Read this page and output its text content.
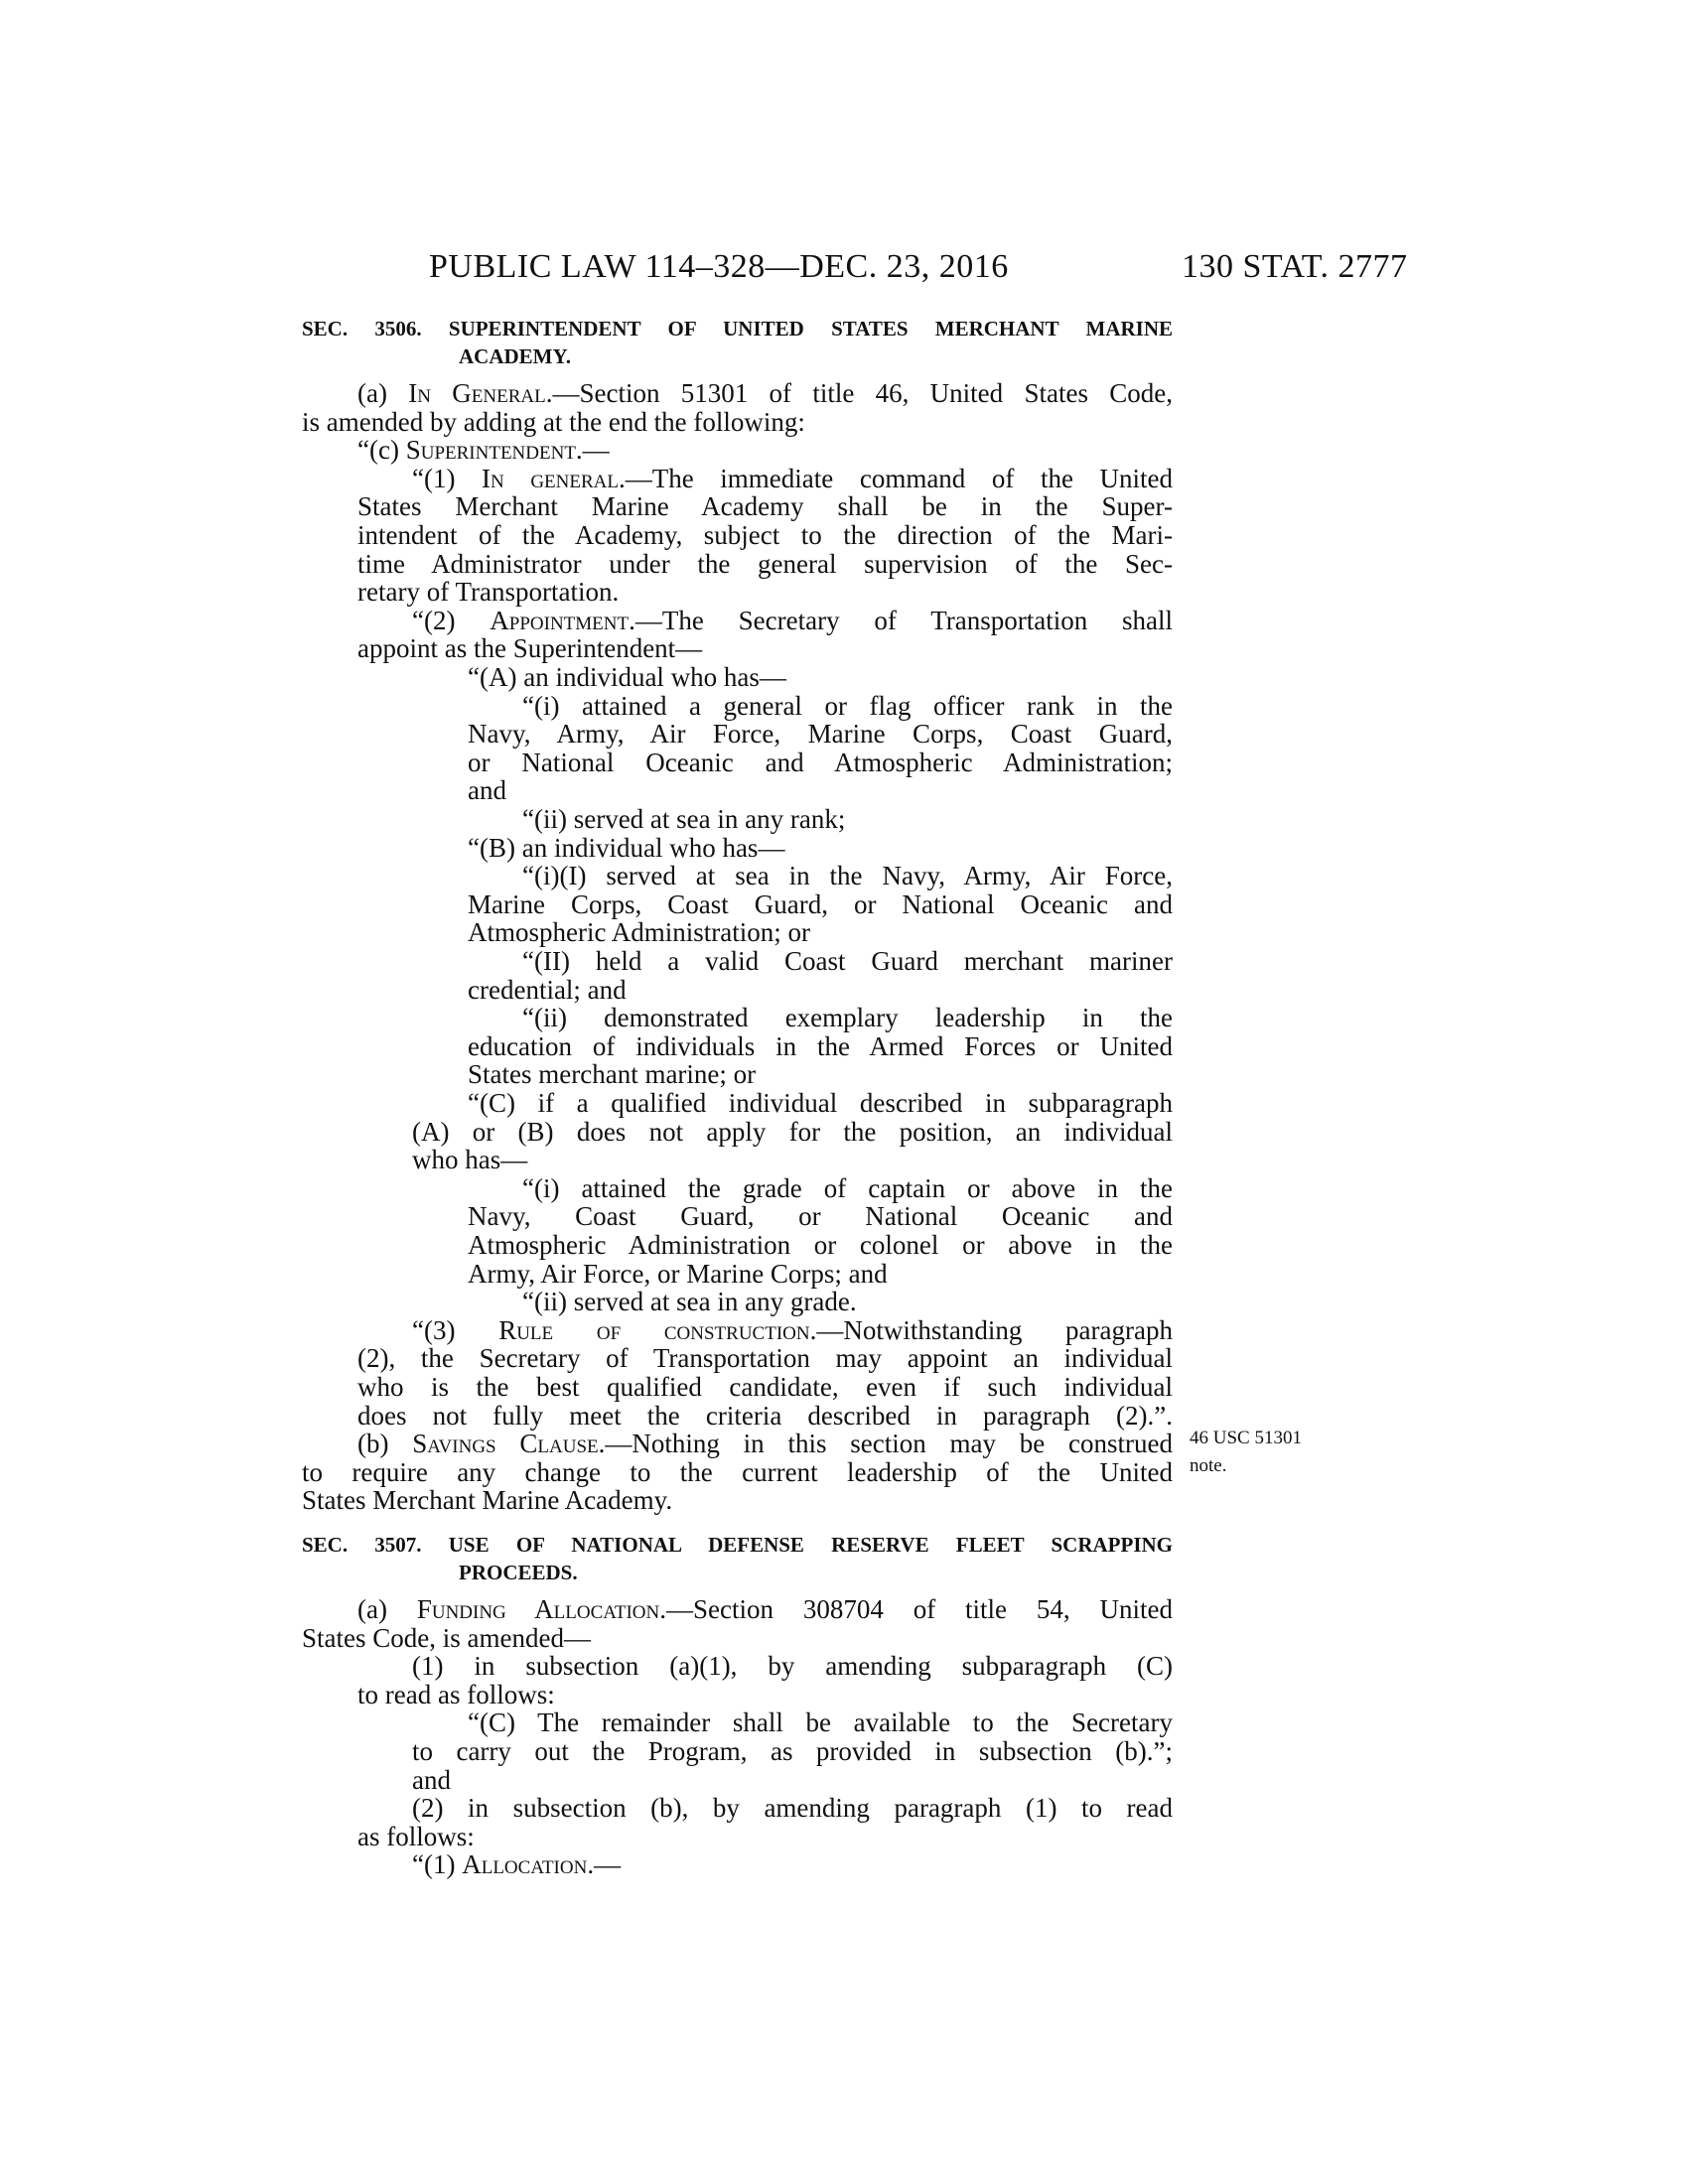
PUBLIC LAW 114–328—DEC. 23, 2016	130 STAT. 2777
SEC. 3506. SUPERINTENDENT OF UNITED STATES MERCHANT MARINE
ACADEMY.
(a) In General.—Section 51301 of title 46, United States Code,
is amended by adding at the end the following:
“(c) Superintendent.—
“(1) In general.—The immediate command of the United
States Merchant Marine Academy shall be in the Super-
intendent of the Academy, subject to the direction of the Mari-
time Administrator under the general supervision of the Sec-
retary of Transportation.
“(2) Appointment.—The Secretary of Transportation shall
appoint as the Superintendent—
“(A) an individual who has—
“(i) attained a general or flag officer rank in the
Navy, Army, Air Force, Marine Corps, Coast Guard,
or National Oceanic and Atmospheric Administration;
and
“(ii) served at sea in any rank;
“(B) an individual who has—
“(i)(I) served at sea in the Navy, Army, Air Force,
Marine Corps, Coast Guard, or National Oceanic and
Atmospheric Administration; or
“(II) held a valid Coast Guard merchant mariner
credential; and
“(ii) demonstrated exemplary leadership in the
education of individuals in the Armed Forces or United
States merchant marine; or
“(C) if a qualified individual described in subparagraph
(A) or (B) does not apply for the position, an individual
who has—
“(i) attained the grade of captain or above in the
Navy, Coast Guard, or National Oceanic and
Atmospheric Administration or colonel or above in the
Army, Air Force, or Marine Corps; and
“(ii) served at sea in any grade.
“(3) Rule of construction.—Notwithstanding paragraph
(2), the Secretary of Transportation may appoint an individual
who is the best qualified candidate, even if such individual
does not fully meet the criteria described in paragraph (2).”.
(b) Savings Clause.—Nothing in this section may be construed
to require any change to the current leadership of the United
States Merchant Marine Academy.
SEC. 3507. USE OF NATIONAL DEFENSE RESERVE FLEET SCRAPPING
PROCEEDS.
(a) Funding Allocation.—Section 308704 of title 54, United
States Code, is amended—
(1) in subsection (a)(1), by amending subparagraph (C)
to read as follows:
“(C) The remainder shall be available to the Secretary
to carry out the Program, as provided in subsection (b).”;
and
(2) in subsection (b), by amending paragraph (1) to read
as follows:
“(1) Allocation.—
46 USC 51301
note.
